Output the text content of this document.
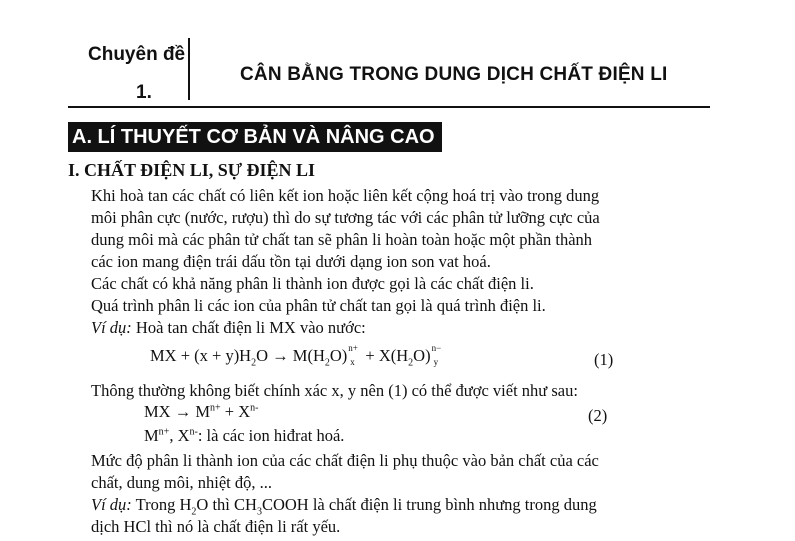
Chuyên đề
1.
CÂN BẰNG TRONG DUNG DỊCH CHẤT ĐIỆN LI
A. LÍ THUYẾT CƠ BẢN VÀ NÂNG CAO
I. CHẤT ĐIỆN LI, SỰ ĐIỆN LI
Khi hoà tan các chất có liên kết ion hoặc liên kết cộng hoá trị vào trong dung
môi phân cực (nước, rượu) thì do sự tương tác với các phân tử lưỡng cực của
dung môi mà các phân tử chất tan sẽ phân li hoàn toàn hoặc một phần thành
các ion mang điện trái dấu tồn tại dưới dạng ion son vat hoá.
Các chất có khả năng phân li thành ion được gọi là các chất điện li.
Quá trình phân li các ion của phân tử chất tan gọi là quá trình điện li.
Ví dụ: Hoà tan chất điện li MX vào nước:
MX + $(x + y)H_2O \to M(H_2O)$ n+
$x + X(H_2O)$ n−
y	(1)
Thông thường không biết chính xác x, y nên (1) có thể được viết như sau:
MX → $M^{n+} + X^{n-}$	(2)
$M^{n+}$, $X^{n-}$: là các ion hiđrat hoá.
Mức độ phân li thành ion của các chất điện li phụ thuộc vào bản chất của các
chất, dung môi, nhiệt độ, ...
Ví dụ: Trong $H_2O$ thì $CH_3COOH$ là chất điện li trung bình nhưng trong dung
dịch HCl thì nó là chất điện li rất yếu.
